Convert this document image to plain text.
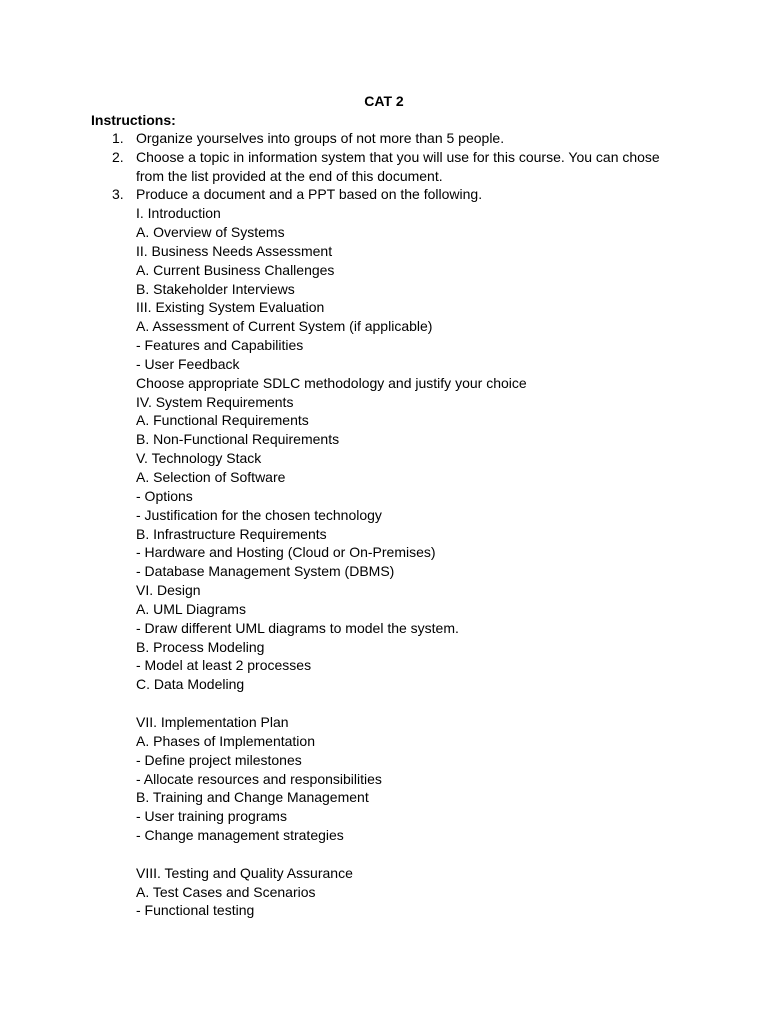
CAT 2
Instructions:
1. Organize yourselves into groups of not more than 5 people.
2. Choose a topic in information system that you will use for this course. You can chose from the list provided at the end of this document.
3. Produce a document and a PPT based on the following.
I. Introduction
A. Overview of Systems
II. Business Needs Assessment
A. Current Business Challenges
B. Stakeholder Interviews
III. Existing System Evaluation
A. Assessment of Current System (if applicable)
- Features and Capabilities
- User Feedback
Choose appropriate SDLC methodology and justify your choice
IV. System Requirements
A. Functional Requirements
B. Non-Functional Requirements
V. Technology Stack
A. Selection of Software
- Options
- Justification for the chosen technology
B. Infrastructure Requirements
- Hardware and Hosting (Cloud or On-Premises)
- Database Management System (DBMS)
VI. Design
A. UML Diagrams
- Draw different UML diagrams to model the system.
B. Process Modeling
- Model at least 2 processes
C. Data Modeling
VII. Implementation Plan
A. Phases of Implementation
- Define project milestones
- Allocate resources and responsibilities
B. Training and Change Management
- User training programs
- Change management strategies
VIII. Testing and Quality Assurance
A. Test Cases and Scenarios
- Functional testing
